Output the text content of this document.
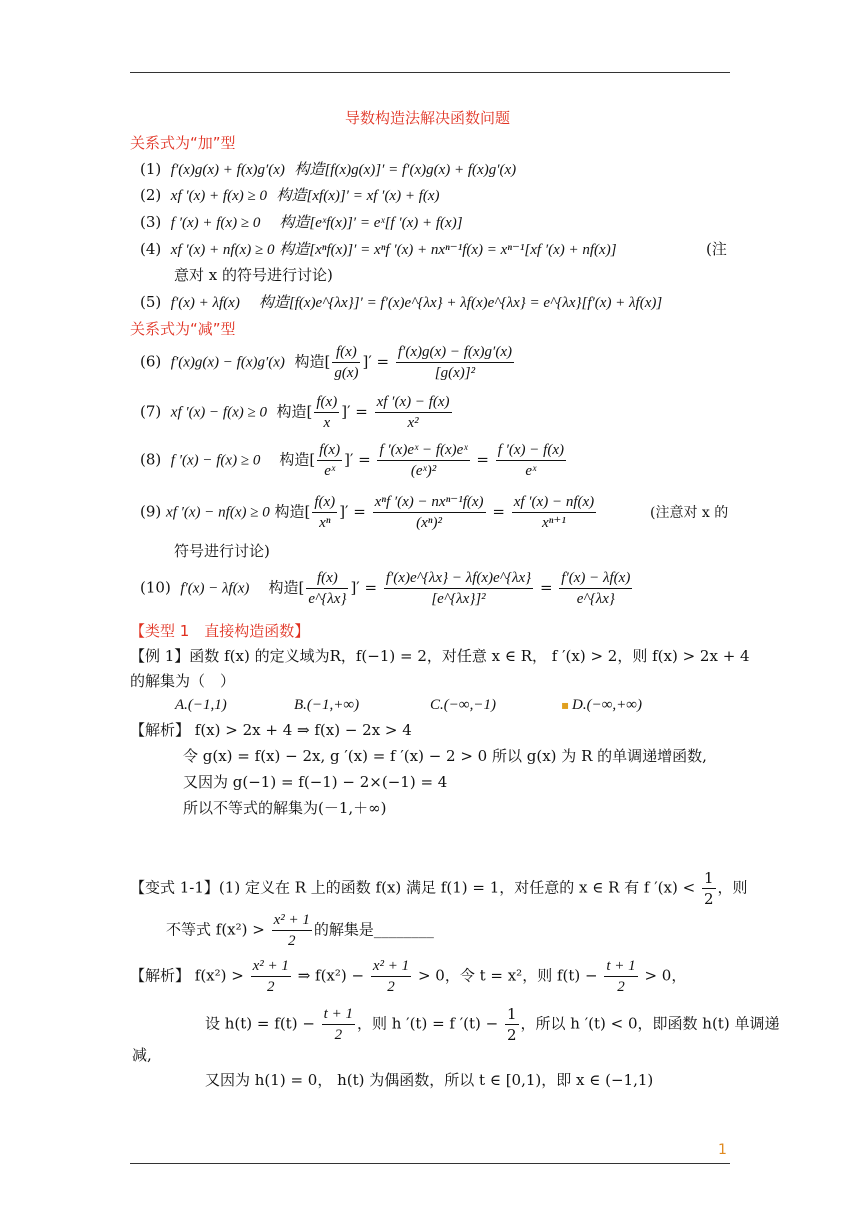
导数构造法解决函数问题
关系式为“加”型
(1) f′(x)g(x) + f(x)g′(x) 构造[f(x)g(x)]′ = f′(x)g(x) + f(x)g′(x)
(2) xf ′(x) + f(x) ≥ 0 构造[xf(x)]′ = xf ′(x) + f(x)
(3) f ′(x) + f(x) ≥ 0 构造[eˣf(x)]′ = eˣ[f ′(x) + f(x)]
(4) xf ′(x) + nf(x) ≥ 0 构造[xⁿf(x)]′ = xⁿf ′(x) + nxⁿ⁻¹f(x) = xⁿ⁻¹[xf ′(x) + nf(x)]	(注
意对 x 的符号进行讨论)
(5) f′(x) + λf(x) 构造[f(x)e^{λx}]′ = f′(x)e^{λx} + λf(x)e^{λx} = e^{λx}[f′(x) + λf(x)]
关系式为“减”型
(6) f′(x)g(x) − f(x)g′(x) 构造[ $\frac{f(x)}{g(x)}$ ]′ = $\frac{f'(x)g(x) - f(x)g'(x)}{\text{[g(x)]²}}$
(7) xf ′(x) − f(x) ≥ 0 构造[ $\frac{f(x)}{x}$ ]′ = $\frac{xf '(x) - f(x)}{\text{x²}}$
(8) f ′(x) − f(x) ≥ 0 构造[ $\frac{f(x)}{\text{eˣ}}$ ]′ = $\frac{\text{f ′(x)eˣ − f(x)eˣ}}{\text{(eˣ)²}} = \frac{f '(x) - f(x)}{\text{eˣ}}$
(9) xf ′(x) − nf(x) ≥ 0 构造[ $\frac{f(x)}{\text{xⁿ}}$ ]′ =
xⁿf ′(x) − nxⁿ⁻¹f(x)
(xⁿ)²
= $\frac{xf '(x) - nf(x)}{\text{xⁿ⁺¹}}$	(注意对 x 的
符号进行讨论)
(10) f′(x) − λf(x) 构造[ $\frac{f(x)}{e\^{}\{\lambda x\}}$ ]′ = $\frac{f'(x)e\^{}\{\lambda x\} - \lambda f(x)e\^{}\{\lambda x\}}{\text{[e\textasciicircum{}\{λx\}]²}} = \frac{f'(x) - \lambda f(x)}{e\^{}\{\lambda x\}}$
【类型 1　直接构造函数】
【例 1】函数 f(x) 的定义域为R，f(−1) = 2，对任意 x ∈ R， f ′(x) > 2，则 f(x) > 2x + 4
的解集为（　）
A.(−1,1)	B.(−1,+∞)	C.(−∞,−1)	▪ D.(−∞,+∞)
【解析】 f(x) > 2x + 4 ⇒ f(x) − 2x > 4
令 g(x) = f(x) − 2x, g ′(x) = f ′(x) − 2 > 0 所以 g(x) 为 R 的单调递增函数,
又因为 g(−1) = f(−1) − 2×(−1) = 4
所以不等式的解集为(－1,＋∞)
【变式 1-1】(1) 定义在 R 上的函数 f(x) 满足 f(1) = 1，对任意的 x ∈ R 有 f $'(x) < \frac{1}{2}$ ，则
不等式 $f(x^2) > \frac{\text{x² + 1}}{2}$ 的解集是________
【解析】 $f(x^2) > \frac{\text{x² + 1}}{2}$ ⇒ $f(x^2) - \frac{\text{x² + 1}}{2} > 0$，令 t = x²，则 $f(t) - \frac{t + 1}{2} > 0$，
设 $h(t) = f(t) - \frac{t + 1}{2}$ ，则 h ′(t) = f $'(t) - \frac{1}{2}$ ，所以 h ′(t) < 0，即函数 h(t) 单调递
减,
又因为 h(1) = 0， h(t) 为偶函数，所以 t ∈ [0,1)，即 x ∈ (−1,1)
1
